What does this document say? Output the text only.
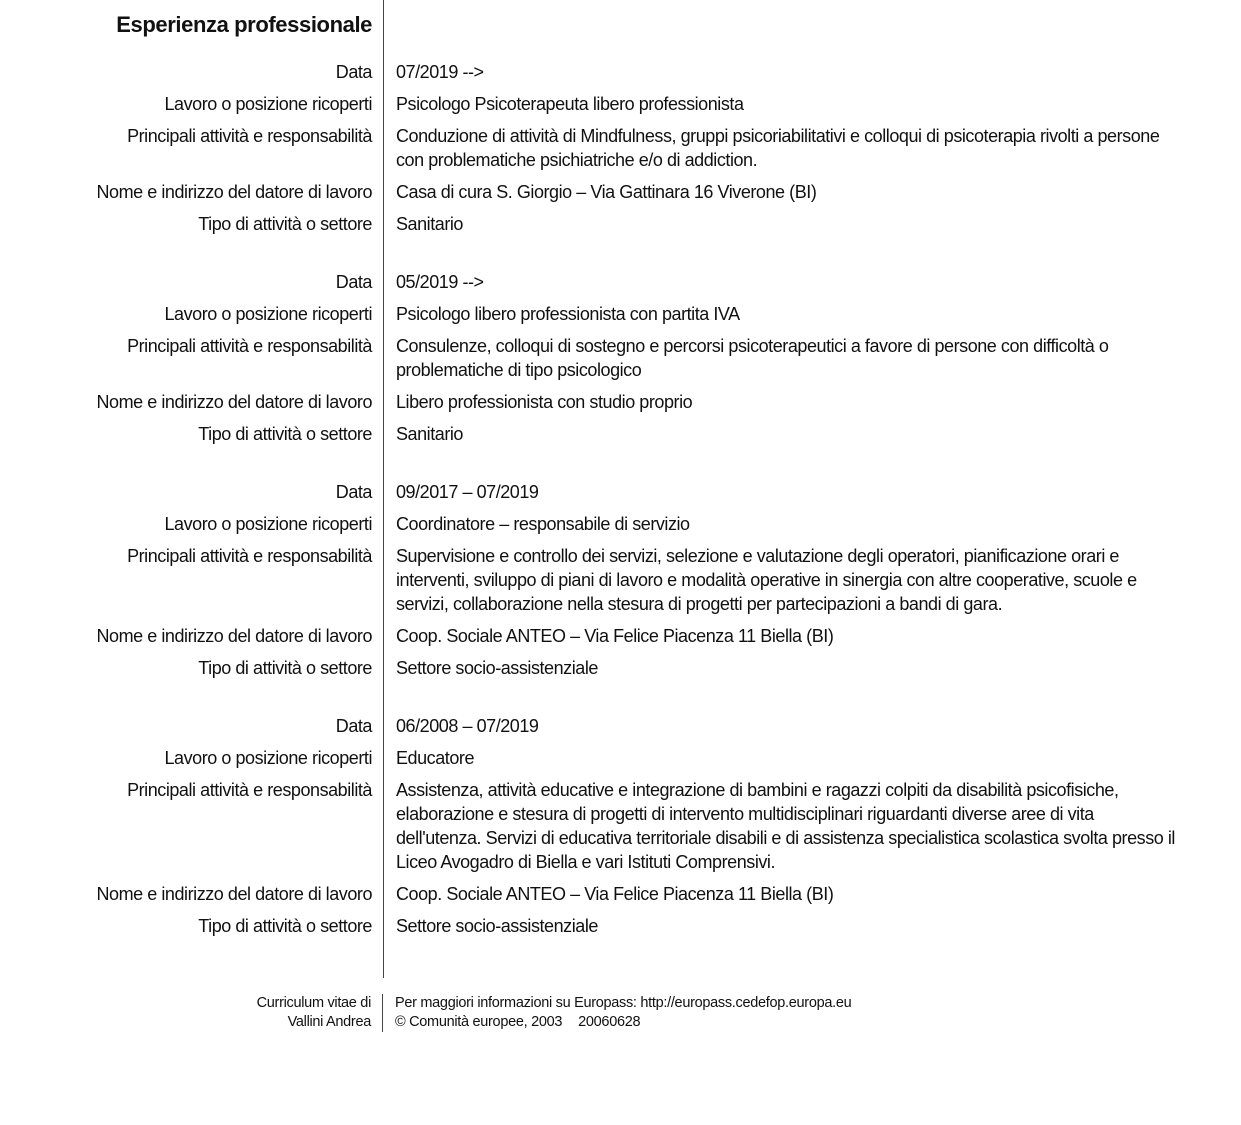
Esperienza professionale
Data 07/2019 -->
Lavoro o posizione ricoperti Psicologo Psicoterapeuta libero professionista
Principali attività e responsabilità Conduzione di attività di Mindfulness, gruppi psicoriabilitativi e colloqui di psicoterapia rivolti a persone con problematiche psichiatriche e/o di addiction.
Nome e indirizzo del datore di lavoro Casa di cura S. Giorgio – Via Gattinara 16 Viverone (BI)
Tipo di attività o settore Sanitario
Data 05/2019 -->
Lavoro o posizione ricoperti Psicologo libero professionista con partita IVA
Principali attività e responsabilità Consulenze, colloqui di sostegno e percorsi psicoterapeutici a favore di persone con difficoltà o problematiche di tipo psicologico
Nome e indirizzo del datore di lavoro Libero professionista con studio proprio
Tipo di attività o settore Sanitario
Data 09/2017 – 07/2019
Lavoro o posizione ricoperti Coordinatore – responsabile di servizio
Principali attività e responsabilità Supervisione e controllo dei servizi, selezione e valutazione degli operatori, pianificazione orari e interventi, sviluppo di piani di lavoro e modalità operative in sinergia con altre cooperative, scuole e servizi, collaborazione nella stesura di progetti per partecipazioni a bandi di gara.
Nome e indirizzo del datore di lavoro Coop. Sociale ANTEO – Via Felice Piacenza 11 Biella (BI)
Tipo di attività o settore Settore socio-assistenziale
Data 06/2008 – 07/2019
Lavoro o posizione ricoperti Educatore
Principali attività e responsabilità Assistenza, attività educative e integrazione di bambini e ragazzi colpiti da disabilità psicofisiche, elaborazione e stesura di progetti di intervento multidisciplinari riguardanti diverse aree di vita dell'utenza. Servizi di educativa territoriale disabili e di assistenza specialistica scolastica svolta presso il Liceo Avogadro di Biella e vari Istituti Comprensivi.
Nome e indirizzo del datore di lavoro Coop. Sociale ANTEO – Via Felice Piacenza 11 Biella (BI)
Tipo di attività o settore Settore socio-assistenziale
Curriculum vitae di
Vallini Andrea
Per maggiori informazioni su Europass: http://europass.cedefop.europa.eu
© Comunità europee, 2003 20060628
